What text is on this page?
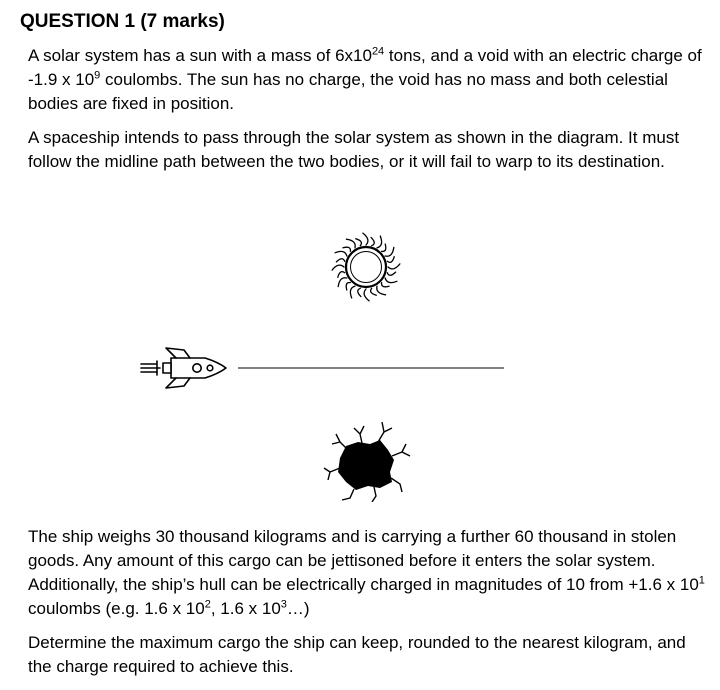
QUESTION 1 (7 marks)

A solar system has a sun with a mass of $6x10^{24}$ tons, and a void with an electric charge of -1.9 x $10^9$ coulombs. The sun has no charge, the void has no mass and both celestial bodies are fixed in position.

A spaceship intends to pass through the solar system as shown in the diagram. It must follow the midline path between the two bodies, or it will fail to warp to its destination.

The ship weighs 30 thousand kilograms and is carrying a further 60 thousand in stolen goods. Any amount of this cargo can be jettisoned before it enters the solar system. Additionally, the ship’s hull can be electrically charged in magnitudes of 10 from +1.6 x $10^1$ coulombs (e.g. 1.6 x $10^2$, 1.6 x $10^3\dots$)

Determine the maximum cargo the ship can keep, rounded to the nearest kilogram, and the charge required to achieve this.
